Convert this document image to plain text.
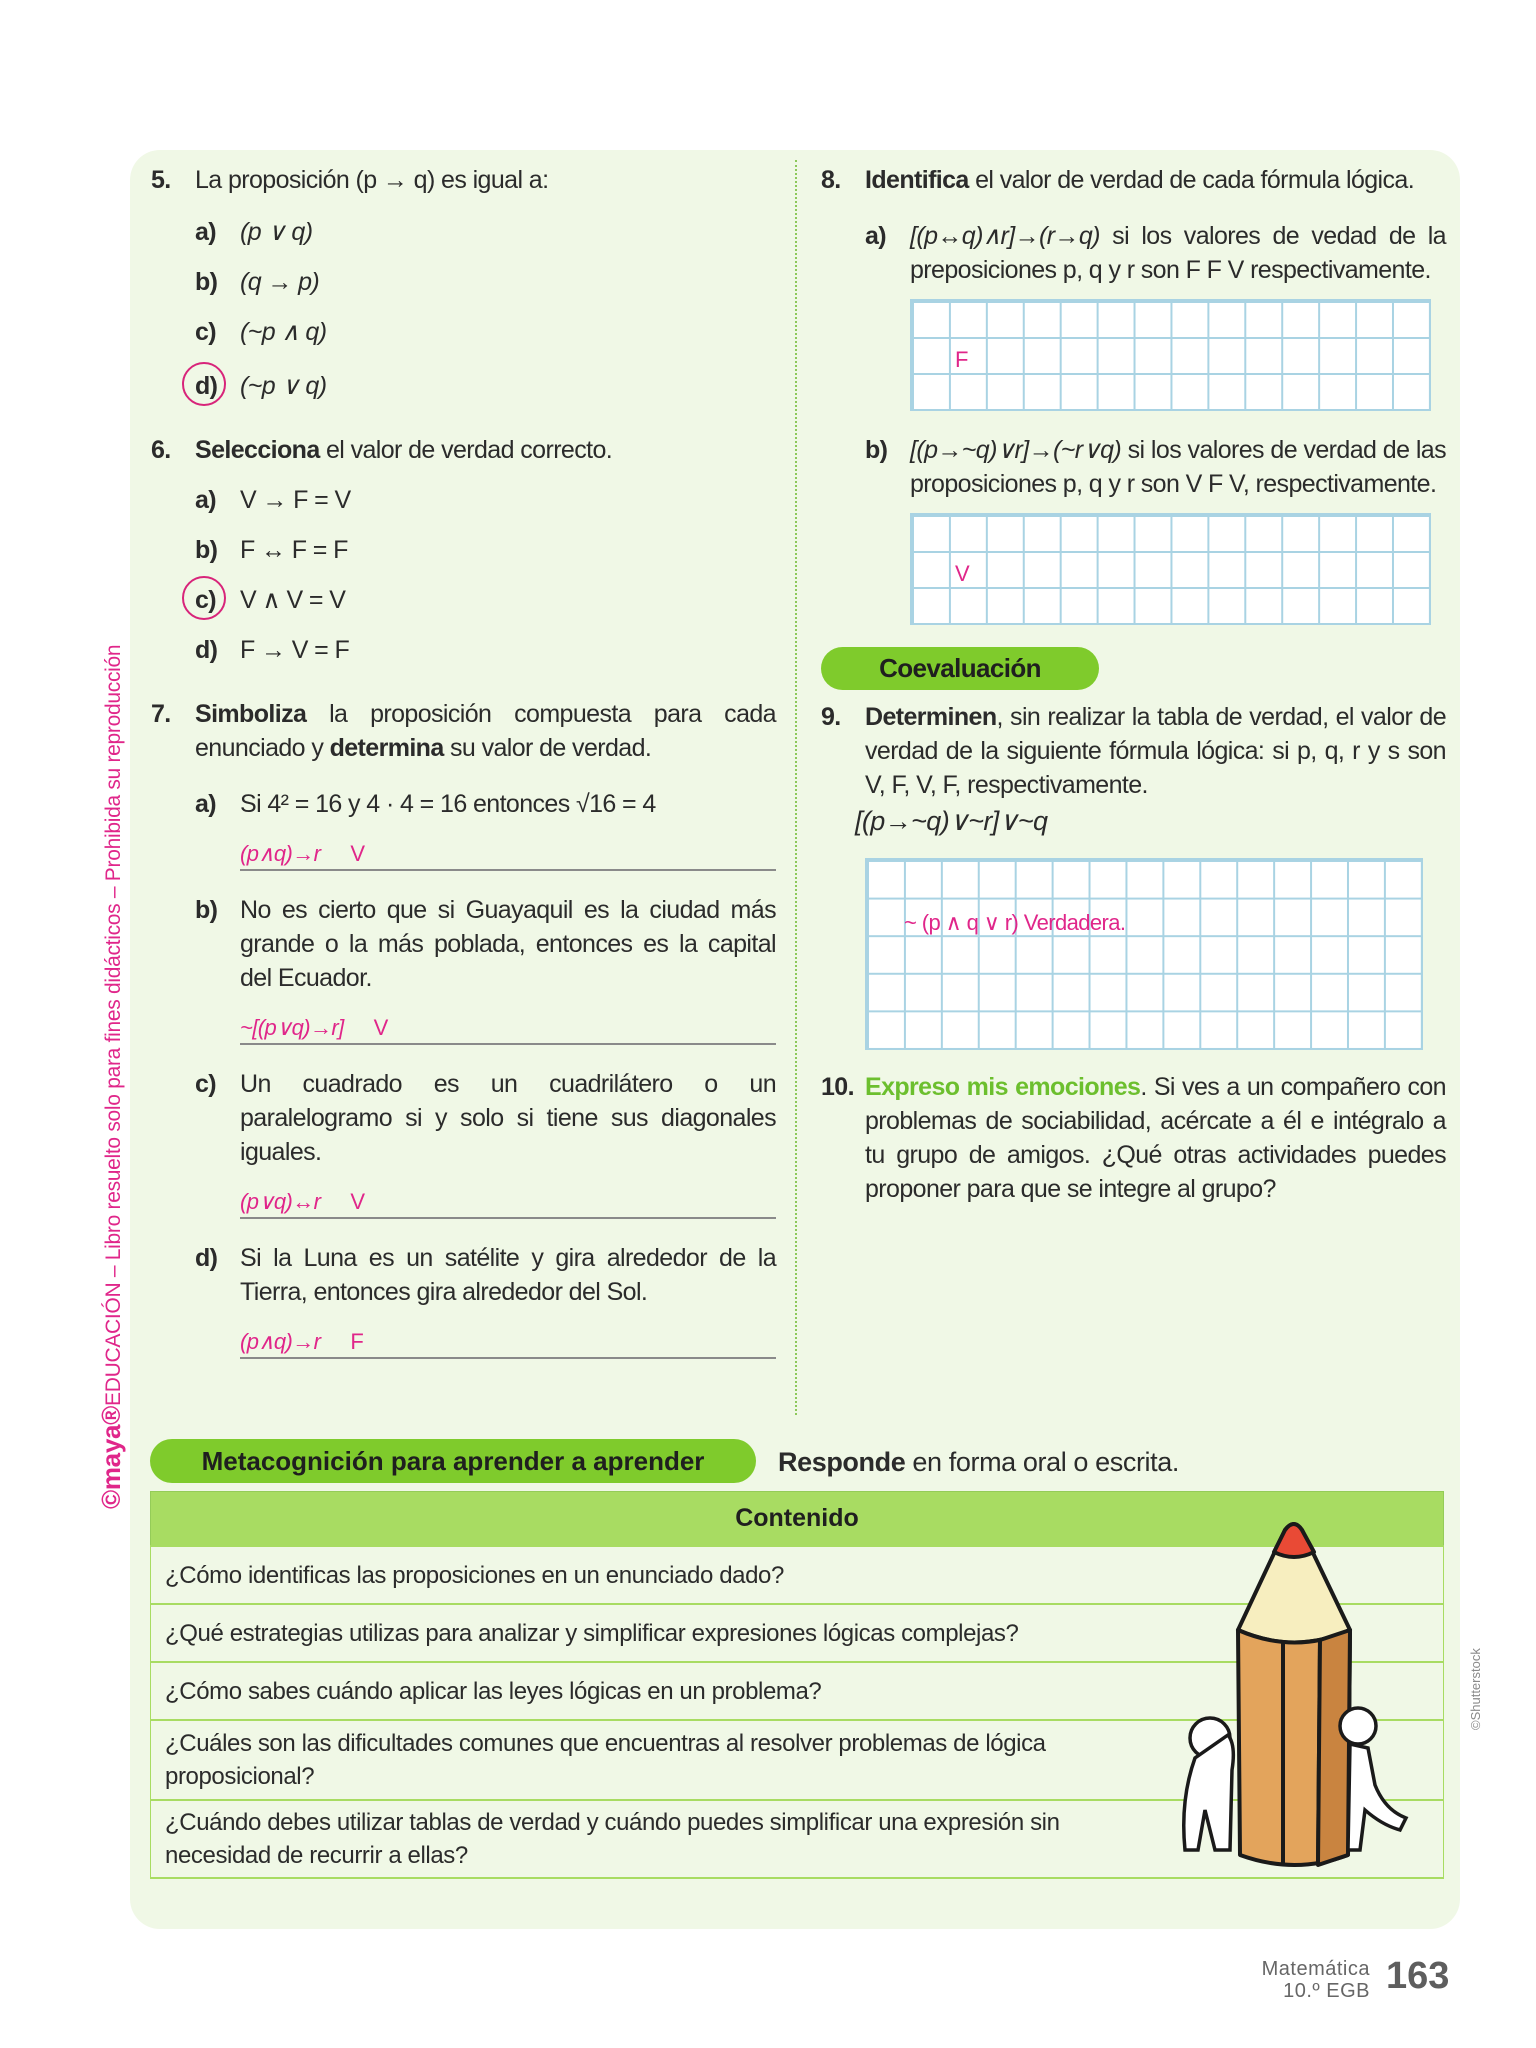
©maya®EDUCACIÓN – Libro resuelto solo para fines didácticos – Prohibida su reproducción
5. La proposición (p → q) es igual a:
a) (p ∨ q)
b) (q → p)
c) (~p ∧ q)
d) (~p ∨ q)
6. Selecciona el valor de verdad correcto.
a) V → F = V
b) F ↔ F = F
c) V ∧ V = V
d) F → V = F
7. Simboliza la proposición compuesta para cada enunciado y determina su valor de verdad.
a) Si 4² = 16 y 4 · 4 = 16 entonces √16 = 4
(p∧q)→r V
b) No es cierto que si Guayaquil es la ciudad más grande o la más poblada, entonces es la capital del Ecuador.
~[(p∨q)→r] V
c) Un cuadrado es un cuadrilátero o un paralelogramo si y solo si tiene sus diagonales iguales.
(p∨q)↔r V
d) Si la Luna es un satélite y gira alrededor de la Tierra, entonces gira alrededor del Sol.
(p∧q)→r F
8. Identifica el valor de verdad de cada fórmula lógica.
a) [(p↔q)∧r]→(r→q) si los valores de vedad de la preposiciones p, q y r son F F V respectivamente.
F
b) [(p→~q)∨r]→(~r∨q) si los valores de verdad de las proposiciones p, q y r son V F V, respectivamente.
V
Coevaluación
9. Determinen, sin realizar la tabla de verdad, el valor de verdad de la siguiente fórmula lógica: si p, q, r y s son V, F, V, F, respectivamente.
[(p→~q)∨~r]∨~q
~ (p ∧ q ∨ r) Verdadera.
10. Expreso mis emociones. Si ves a un compañero con problemas de sociabilidad, acércate a él e intégralo a tu grupo de amigos. ¿Qué otras actividades puedes proponer para que se integre al grupo?
Metacognición para aprender a aprender	Responde en forma oral o escrita.
Contenido
¿Cómo identificas las proposiciones en un enunciado dado?
¿Qué estrategias utilizas para analizar y simplificar expresiones lógicas complejas?
¿Cómo sabes cuándo aplicar las leyes lógicas en un problema?

¿Cuáles son las dificultades comunes que encuentras al resolver problemas de lógica proposicional?

¿Cuándo debes utilizar tablas de verdad y cuándo puedes simplificar una expresión sin necesidad de recurrir a ellas?
©Shutterstock
Matemática
10.º EGB 163
